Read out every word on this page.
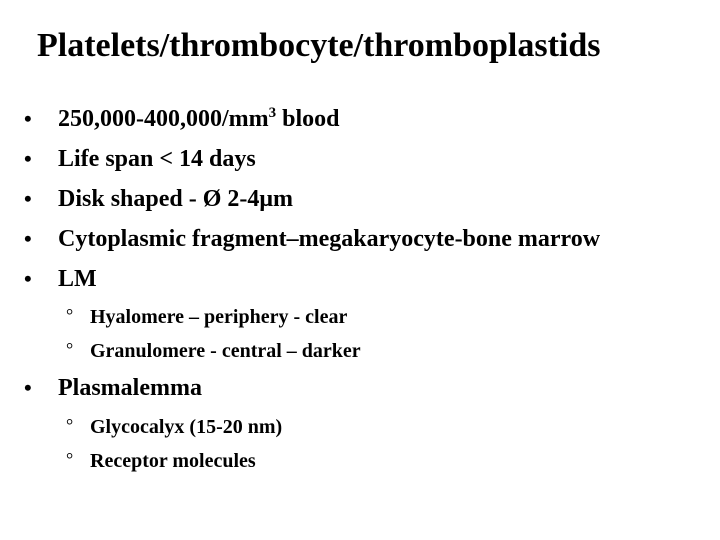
Platelets/thrombocyte/thromboplastids
• $250,000-400,000/mm^3$ blood
• Life span < 14 days
• Disk shaped - Ø 2-4μm
• Cytoplasmic fragment–megakaryocyte-bone marrow
• LM
° Hyalomere – periphery - clear
° Granulomere - central – darker
• Plasmalemma
° Glycocalyx (15-20 nm)
° Receptor molecules
